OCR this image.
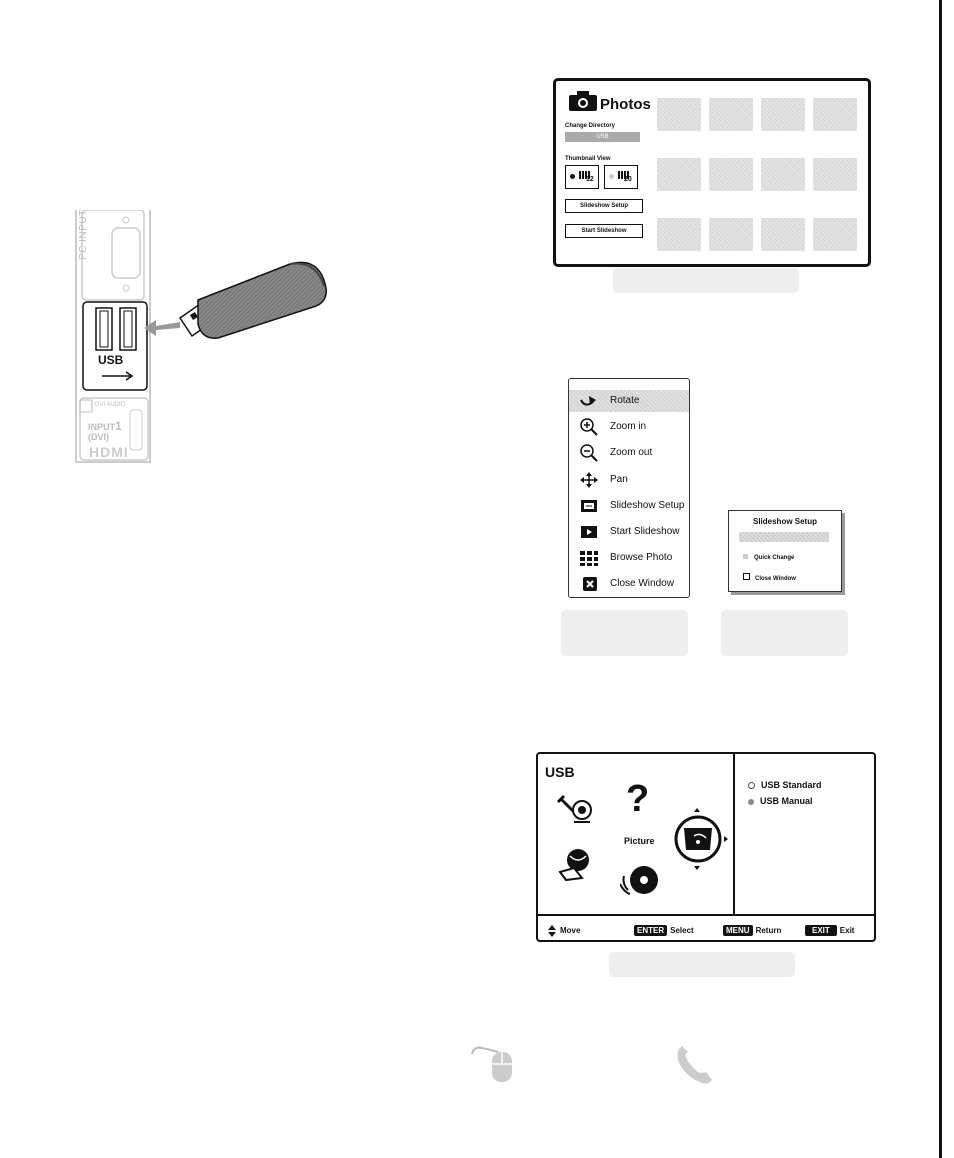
PC INPUT
USB
DVI AUDIO
INPUT1
(DVI)
HDMI
Photos
Change Directory
USB
Thumbnail View
12	20
Slideshow Setup
Start Slideshow
Rotate
Zoom in
Zoom out
Pan
Slideshow Setup
Start Slideshow
Browse Photo
Close Window
Slideshow Setup
Quick Change
Close Window
USB
?
Picture
USB Standard
USB Manual
Move	ENTER Select	MENU Return	EXIT Exit
